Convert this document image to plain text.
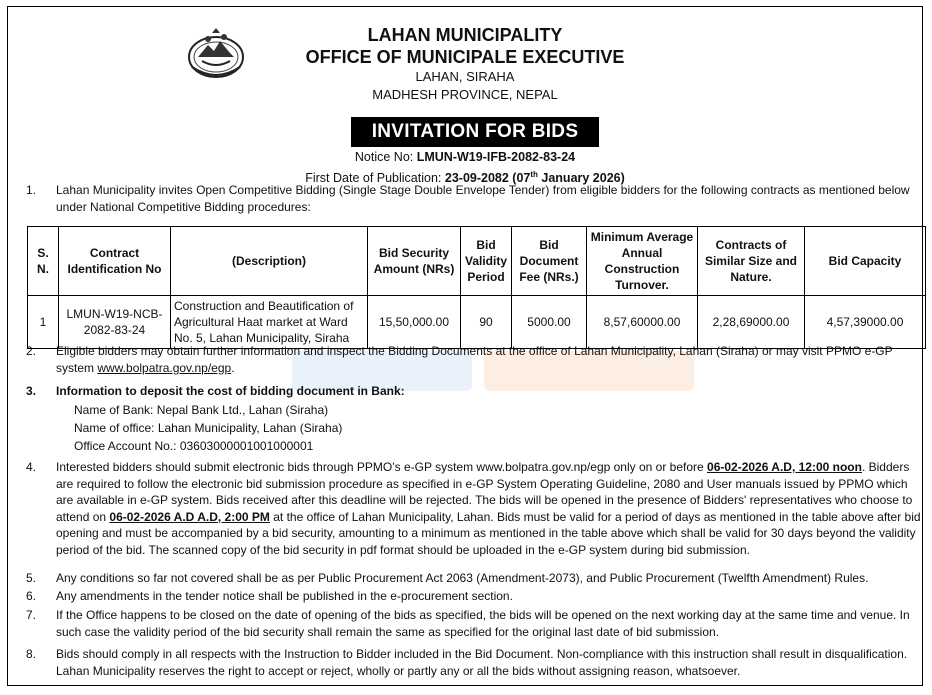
LAHAN MUNICIPALITY
OFFICE OF MUNICIPALE EXECUTIVE
LAHAN, SIRAHA
MADHESH PROVINCE, NEPAL
INVITATION FOR BIDS
Notice No: LMUN-W19-IFB-2082-83-24
First Date of Publication: 23-09-2082 (07th January 2026)
1. Lahan Municipality invites Open Competitive Bidding (Single Stage Double Envelope Tender) from eligible bidders for the following contracts as mentioned below under National Competitive Bidding procedures:
S. N.	Contract Identification No	(Description)	Bid Security Amount (NRs)	Bid Validity Period	Bid Document Fee (NRs.)	Minimum Average Annual Construction Turnover.	Contracts of Similar Size and Nature.	Bid Capacity
1	LMUN-W19-NCB-2082-83-24	Construction and Beautification of Agricultural Haat market at Ward No. 5, Lahan Municipality, Siraha	15,50,000.00	90	5000.00	8,57,60000.00	2,28,69000.00	4,57,39000.00
2. Eligible bidders may obtain further information and inspect the Bidding Documents at the office of Lahan Municipality, Lahan (Siraha) or may visit PPMO e-GP system www.bolpatra.gov.np/egp.
3. Information to deposit the cost of bidding document in Bank:
Name of Bank: Nepal Bank Ltd., Lahan (Siraha)
Name of office: Lahan Municipality, Lahan (Siraha)
Office Account No.: 03603000001001000001
4. Interested bidders should submit electronic bids through PPMO’s e-GP system www.bolpatra.gov.np/egp only on or before 06-02-2026 A.D, 12:00 noon. Bidders are required to follow the electronic bid submission procedure as specified in e-GP System Operating Guideline, 2080 and User manuals issued by PPMO which are available in e-GP system. Bids received after this deadline will be rejected. The bids will be opened in the presence of Bidders' representatives who choose to attend on 06-02-2026 A.D A.D, 2:00 PM at the office of Lahan Municipality, Lahan. Bids must be valid for a period of days as mentioned in the table above after bid opening and must be accompanied by a bid security, amounting to a minimum as mentioned in the table above which shall be valid for 30 days beyond the validity period of the bid. The scanned copy of the bid security in pdf format should be uploaded in the e-GP system during bid submission.
5. Any conditions so far not covered shall be as per Public Procurement Act 2063 (Amendment-2073), and Public Procurement (Twelfth Amendment) Rules.
6. Any amendments in the tender notice shall be published in the e-procurement section.
7. If the Office happens to be closed on the date of opening of the bids as specified, the bids will be opened on the next working day at the same time and venue. In such case the validity period of the bid security shall remain the same as specified for the original last date of bid submission.
8. Bids should comply in all respects with the Instruction to Bidder included in the Bid Document. Non-compliance with this instruction shall result in disqualification. Lahan Municipality reserves the right to accept or reject, wholly or partly any or all the bids without assigning reason, whatsoever.
